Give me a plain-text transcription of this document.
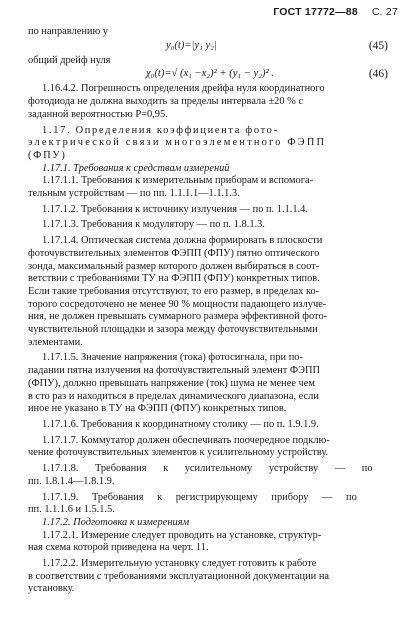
ГОСТ 17772—88 С. 27

по направлению y

y₀(t)=|y₁ y₂|	(45)

общий дрейф нуля

χ₀(t)=√ (x₁ −x₂)² + (y₁ − y₂)² .	(46)

1.16.4.2. Погрешность определения дрейфа нуля координатного

фотодиода не должна выходить за пределы интервала ±20 % с

заданной вероятностью P=0,95.

1.17. Определения коэффициента фото-

электрической связи многоэлементного ФЭПП

(ФПУ)

1.17.1. Требования к средствам измерений

1.17.1.1. Требования к измерительным приборам и вспомога-

тельным устройствам — по пп. 1.1.1.1—1.1.1.3.

1.17.1.2. Требования к источнику излучения — по п. 1.1.1.4.

1.17.1.3. Требования к модулятору — по п. 1.8.1.3.

1.17.1.4. Оптическая система должна формировать в плоскости

фоточувствительных элементов ФЭПП (ФПУ) пятно оптического

зонда, максимальный размер которого должен выбираться в соот-

ветствии с требованиями ТУ на ФЭПП (ФПУ) конкретных типов.

Если такие требования отсутствуют, то его размер, в пределах ко-

торого сосредоточено не менее 90 % мощности падающего излуче-

ния, не должен превышать суммарного размера эффективной фото-

чувствительной площадки и зазора между фоточувствительными

элементами.

1.17.1.5. Значение напряжения (тока) фотосигнала, при по-

падании пятна излучения на фоточувствительный элемент ФЭПП

(ФПУ), должно превышать напряжение (ток) шума не менее чем

в сто раз и находиться в пределах динамического диапазона, если

иное не указано в ТУ на ФЭПП (ФПУ) конкретных типов.

1.17.1.6. Требования к координатному столику — по п. 1.9.1.9.

1.17.1.7. Коммутатор должен обеспечивать поочередное подклю-

чение фоточувствительных элементов к усилительному устройству.

1.17.1.8. Требования к усилительному устройству — по

пп. 1.8.1.4—1.8.1.9.

1.17.1.9. Требования к регистрирующему прибору — по

пп. 1.1.1.6 и 1.5.1.5.

1.17.2. Подготовка к измерениям

1.17.2.1. Измерение следует проводить на установке, структур-

ная схема которой приведена на черт. 11.

1.17.2.2. Измерительную установку следует готовить к работе

в соответствии с требованиями эксплуатационной документации на

установку.
